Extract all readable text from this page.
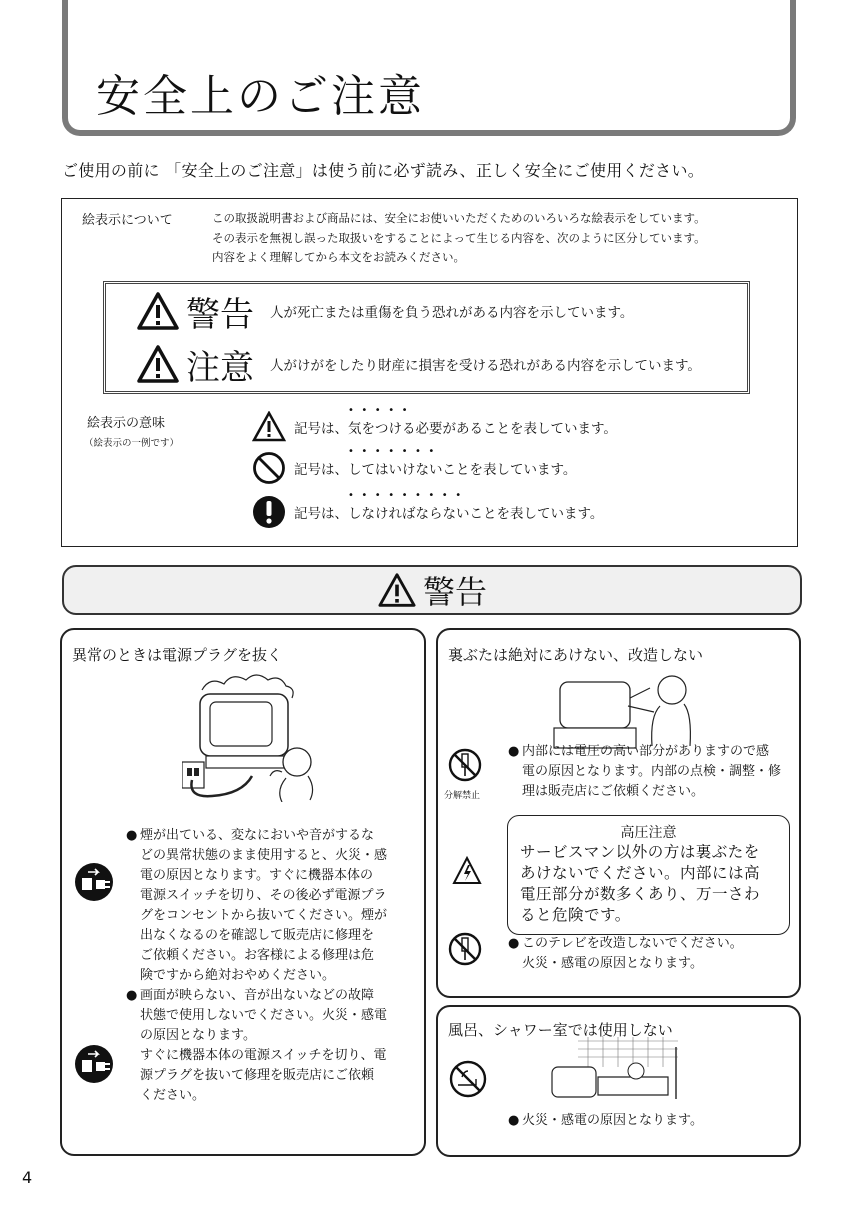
安全上のご注意
ご使用の前に 「安全上のご注意」は使う前に必ず読み、正しく安全にご使用ください。
絵表示について	この取扱説明書および商品には、安全にお使いいただくためのいろいろな絵表示をしています。
その表示を無視し誤った取扱いをすることによって生じる内容を、次のように区分しています。
内容をよく理解してから本文をお読みください。
警告 人が死亡または重傷を負う恐れがある内容を示しています。
注意 人がけがをしたり財産に損害を受ける恐れがある内容を示しています。
絵表示の意味
（絵表示の一例です）
記号は、
•••••
気をつける 必要があることを表しています。
記号は、
•••••••
してはいけない ことを表しています。
記号は、
•••••••••
しなければならない ことを表しています。
警告
異常のときは電源プラグを抜く
● 煙が出ている、変なにおいや音がするな
どの異常状態のまま使用すると、火災・感
電の原因となります。すぐに機器本体の
電源スイッチを切り、その後必ず電源プラ
グをコンセントから抜いてください。煙が
出なくなるのを確認して販売店に修理を
ご依頼ください。お客様による修理は危
険ですから絶対おやめください。
● 画面が映らない、音が出ないなどの故障
状態で使用しないでください。火災・感電
の原因となります。
すぐに機器本体の電源スイッチを切り、電
源プラグを抜いて修理を販売店にご依頼
ください。
裏ぶたは絶対にあけない、改造しない
分解禁止
● 内部には電圧の高い部分がありますので感
電の原因となります。内部の点検・調整・修
理は販売店にご依頼ください。
● このテレビを改造しないでください。
火災・感電の原因となります。
高圧注意
サービスマン以外の方は裏ぶたを
あけないでください。内部には高
電圧部分が数多くあり、万一さわ
ると危険です。
風呂、シャワー室では使用しない
● 火災・感電の原因となります。
4
